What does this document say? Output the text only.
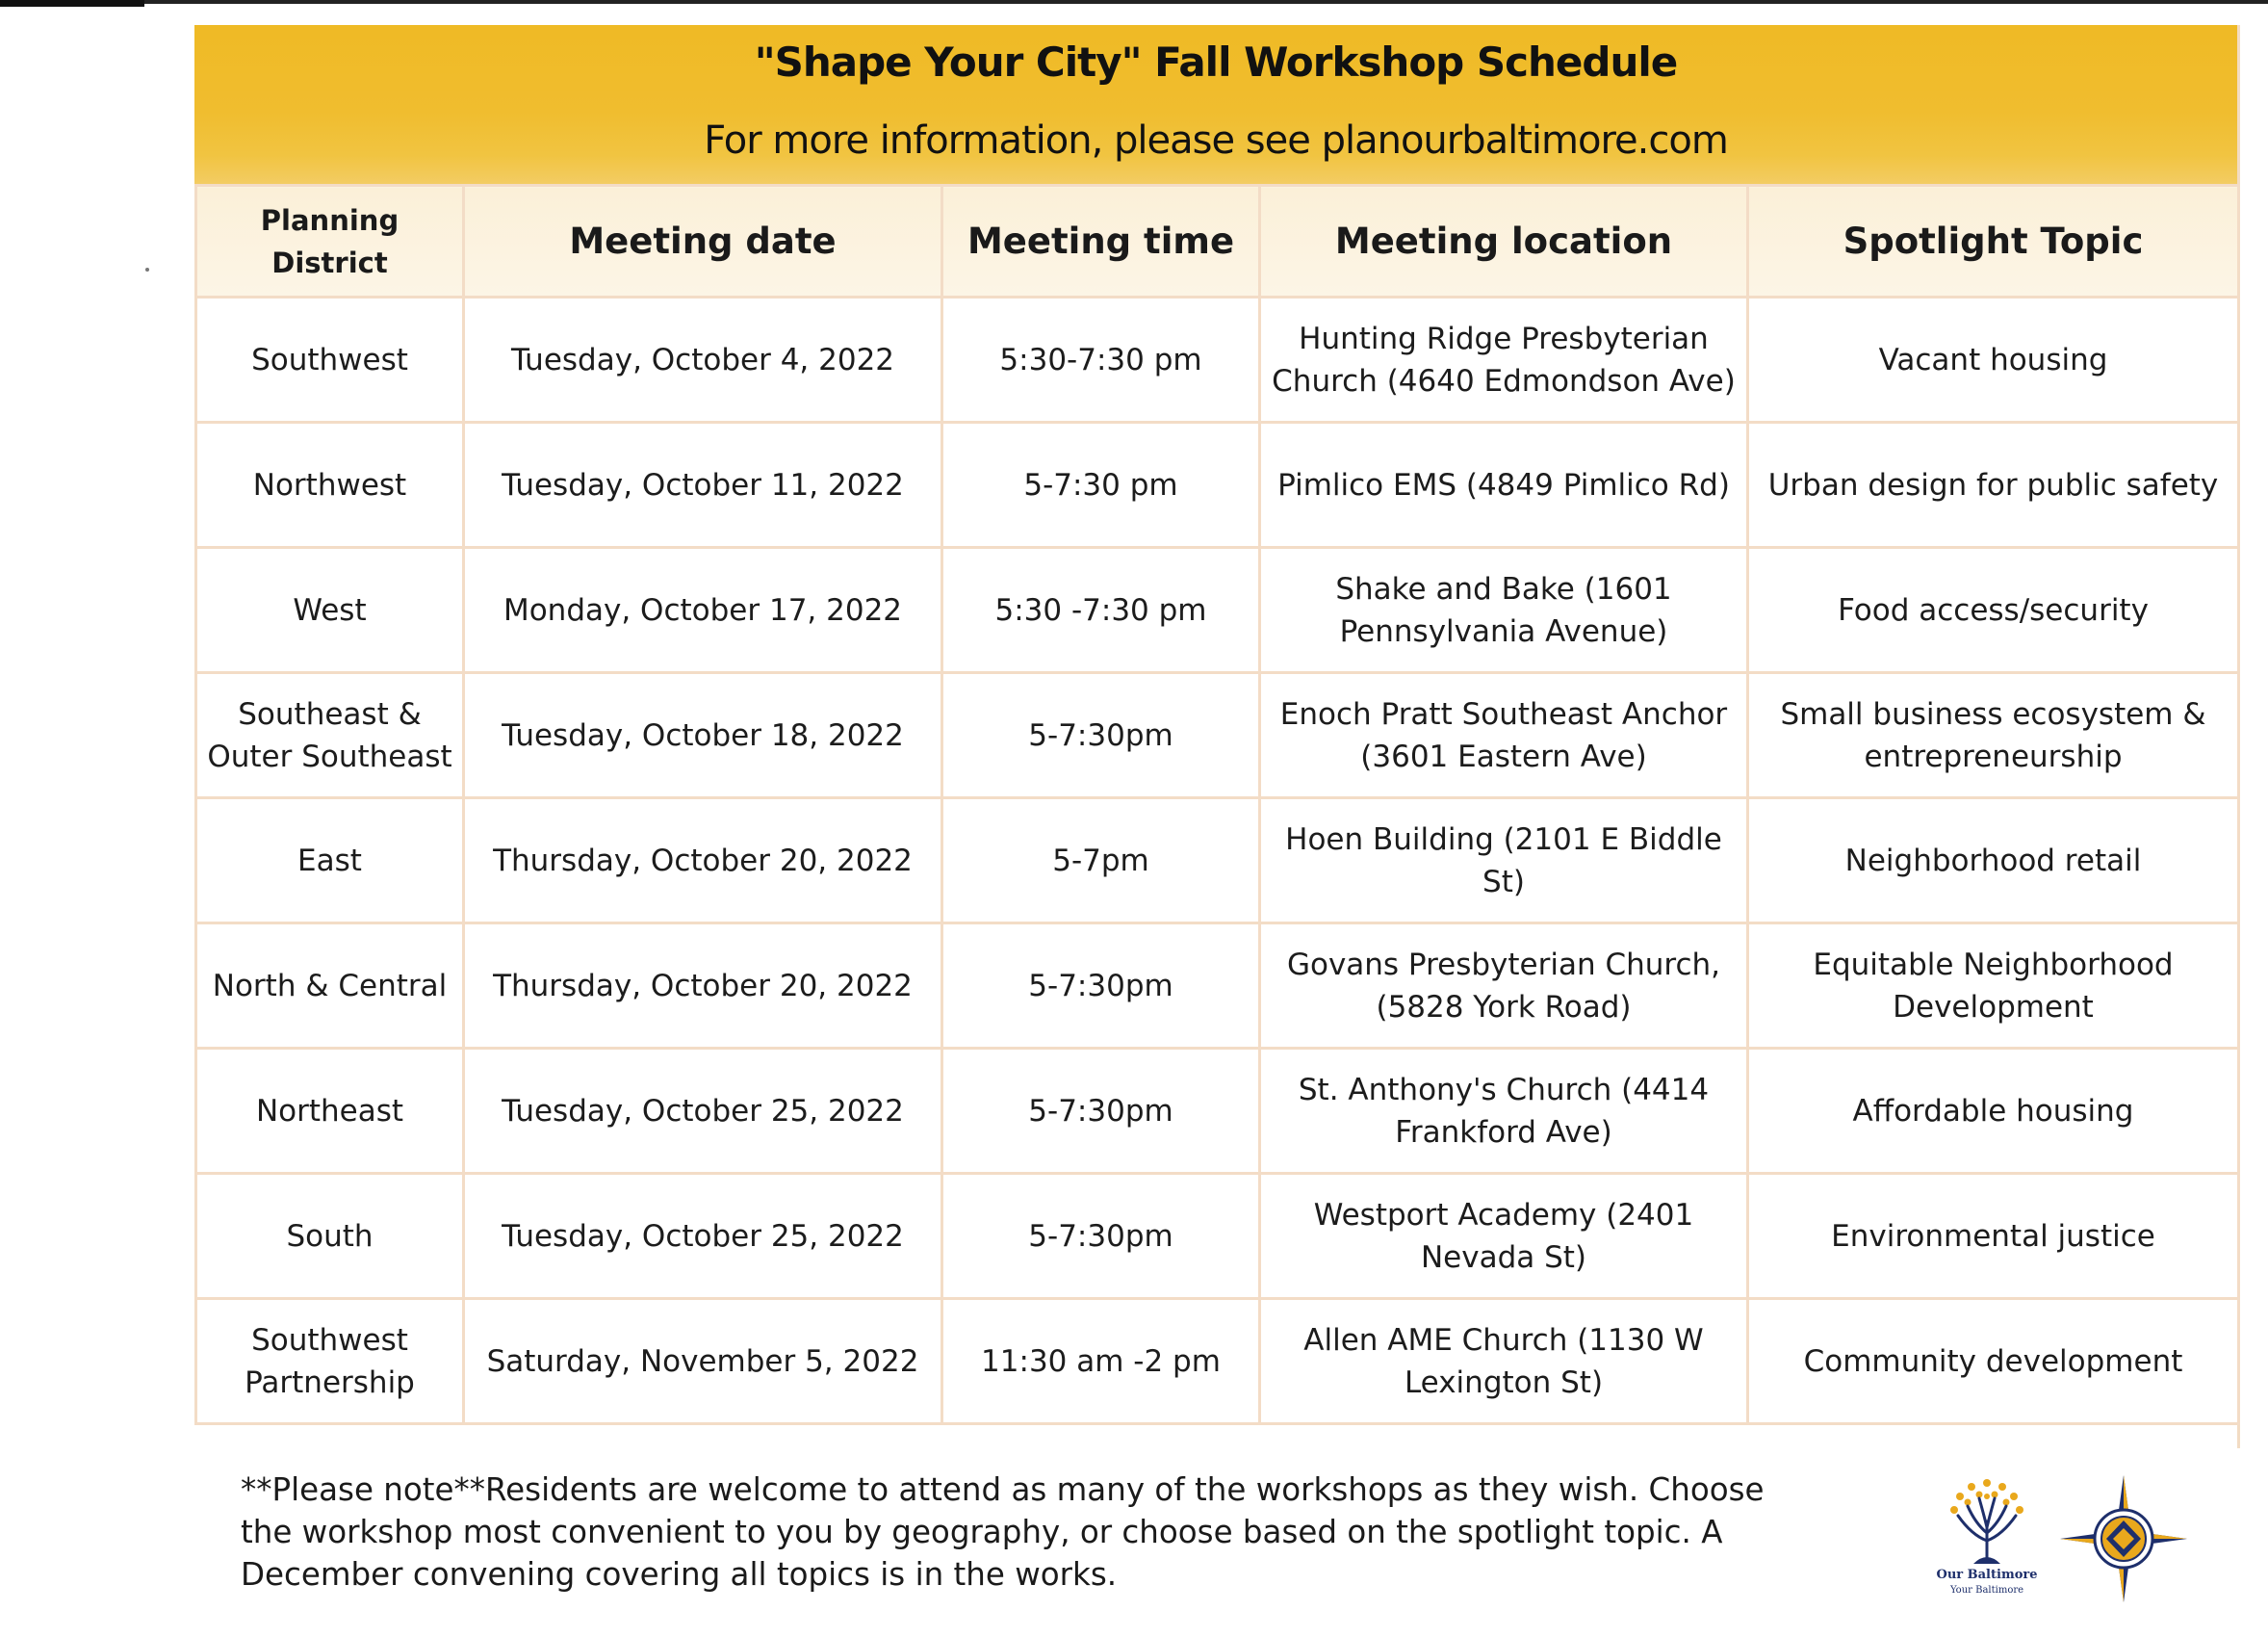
"Shape Your City" Fall Workshop Schedule
For more information, please see planourbaltimore.com
Planning District	Meeting date	Meeting time	Meeting location	Spotlight Topic
Southwest	Tuesday, October 4, 2022	5:30-7:30 pm	Hunting Ridge Presbyterian Church (4640 Edmondson Ave)	Vacant housing
Northwest	Tuesday, October 11, 2022	5-7:30 pm	Pimlico EMS (4849 Pimlico Rd)	Urban design for public safety
West	Monday, October 17, 2022	5:30 -7:30 pm	Shake and Bake (1601 Pennsylvania Avenue)	Food access/security
Southeast & Outer Southeast	Tuesday, October 18, 2022	5-7:30pm	Enoch Pratt Southeast Anchor (3601 Eastern Ave)	Small business ecosystem & entrepreneurship
East	Thursday, October 20, 2022	5-7pm	Hoen Building (2101 E Biddle St)	Neighborhood retail
North & Central	Thursday, October 20, 2022	5-7:30pm	Govans Presbyterian Church, (5828 York Road)	Equitable Neighborhood Development
Northeast	Tuesday, October 25, 2022	5-7:30pm	St. Anthony's Church (4414 Frankford Ave)	Affordable housing
South	Tuesday, October 25, 2022	5-7:30pm	Westport Academy (2401 Nevada St)	Environmental justice
Southwest Partnership	Saturday, November 5, 2022	11:30 am -2 pm	Allen AME Church (1130 W Lexington St)	Community development
**Please note**Residents are welcome to attend as many of the workshops as they wish. Choose the workshop most convenient to you by geography, or choose based on the spotlight topic. A December convening covering all topics is in the works.	Our Baltimore
Your Baltimore
